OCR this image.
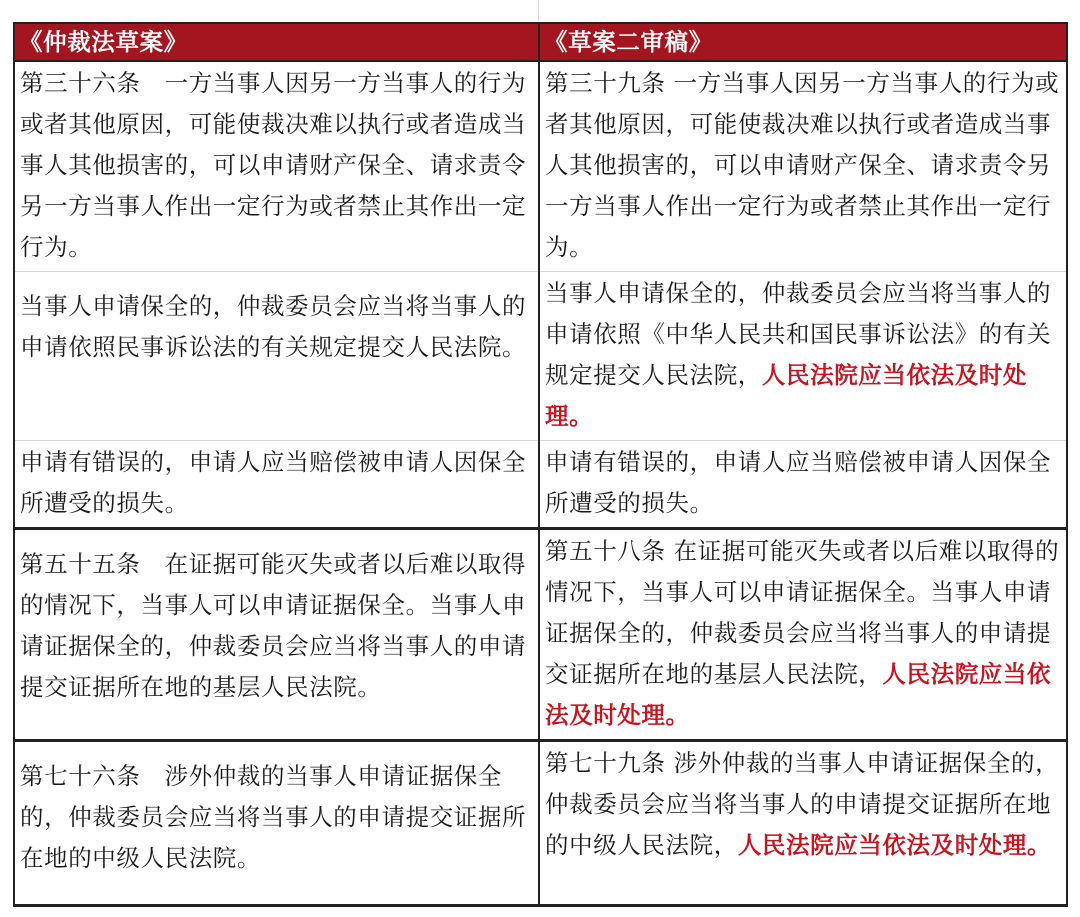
《仲裁法草案》	《草案二审稿》
第三十六条　一方当事人因另一方当事人的行为或者其他原因，可能使裁决难以执行或者造成当事人其他损害的，可以申请财产保全、请求责令另一方当事人作出一定行为或者禁止其作出一定行为。	第三十九条 一方当事人因另一方当事人的行为或者其他原因，可能使裁决难以执行或者造成当事人其他损害的，可以申请财产保全、请求责令另一方当事人作出一定行为或者禁止其作出一定行为。
当事人申请保全的，仲裁委员会应当将当事人的申请依照民事诉讼法的有关规定提交人民法院。	当事人申请保全的，仲裁委员会应当将当事人的申请依照《中华人民共和国民事诉讼法》的有关规定提交人民法院，人民法院应当依法及时处理。
申请有错误的，申请人应当赔偿被申请人因保全所遭受的损失。	申请有错误的，申请人应当赔偿被申请人因保全所遭受的损失。
第五十五条　在证据可能灭失或者以后难以取得的情况下，当事人可以申请证据保全。当事人申请证据保全的，仲裁委员会应当将当事人的申请提交证据所在地的基层人民法院。	第五十八条 在证据可能灭失或者以后难以取得的情况下，当事人可以申请证据保全。当事人申请证据保全的，仲裁委员会应当将当事人的申请提交证据所在地的基层人民法院，人民法院应当依法及时处理。
第七十六条　涉外仲裁的当事人申请证据保全的，仲裁委员会应当将当事人的申请提交证据所在地的中级人民法院。	第七十九条 涉外仲裁的当事人申请证据保全的，仲裁委员会应当将当事人的申请提交证据所在地的中级人民法院，人民法院应当依法及时处理。
